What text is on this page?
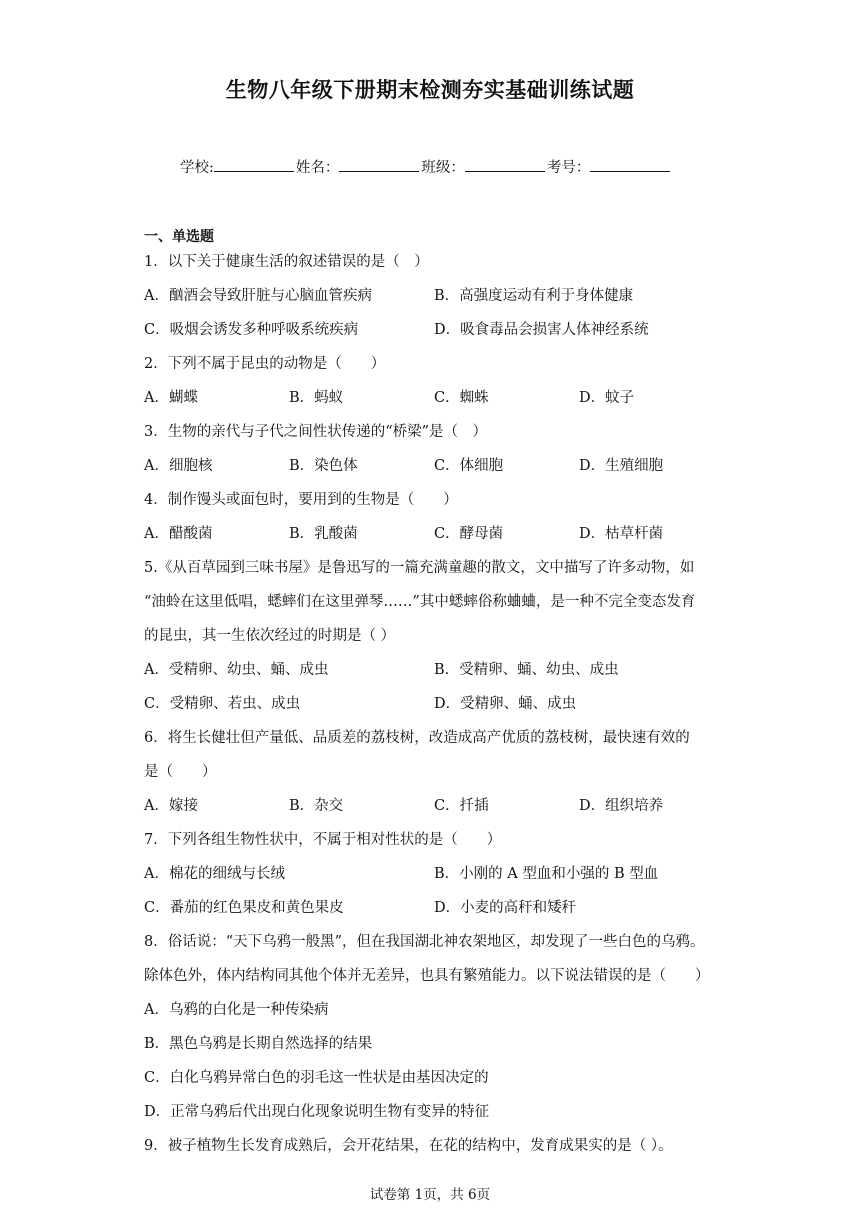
生物八年级下册期末检测夯实基础训练试题
学校:	姓名：	班级：	考号：
一、单选题
1．以下关于健康生活的叙述错误的是（　）
A．酗酒会导致肝脏与心脑血管疾病	B．高强度运动有利于身体健康
C．吸烟会诱发多种呼吸系统疾病	D．吸食毒品会损害人体神经系统
2．下列不属于昆虫的动物是（　　）
A．蝴蝶	B．蚂蚁	C．蜘蛛	D．蚊子
3．生物的亲代与子代之间性状传递的“桥梁”是（　）
A．细胞核	B．染色体	C．体细胞	D．生殖细胞
4．制作馒头或面包时，要用到的生物是（　　）
A．醋酸菌	B．乳酸菌	C．酵母菌	D．枯草杆菌
5.《从百草园到三味书屋》是鲁迅写的一篇充满童趣的散文，文中描写了许多动物，如
“油蛉在这里低唱，蟋蟀们在这里弹琴……”其中蟋蟀俗称蛐蛐，是一种不完全变态发育
的昆虫，其一生依次经过的时期是（ ）
A．受精卵、幼虫、蛹、成虫	B．受精卵、蛹、幼虫、成虫
C．受精卵、若虫、成虫	D．受精卵、蛹、成虫
6．将生长健壮但产量低、品质差的荔枝树，改造成高产优质的荔枝树，最快速有效的
是（　　）
A．嫁接	B．杂交	C．扦插	D．组织培养
7．下列各组生物性状中，不属于相对性状的是（　　）
A．棉花的细绒与长绒	B．小刚的 A 型血和小强的 B 型血
C．番茄的红色果皮和黄色果皮	D．小麦的高秆和矮秆
8．俗话说：“天下乌鸦一般黑”，但在我国湖北神农架地区，却发现了一些白色的乌鸦。
除体色外，体内结构同其他个体并无差异，也具有繁殖能力。以下说法错误的是（　　）
A．乌鸦的白化是一种传染病
B．黑色乌鸦是长期自然选择的结果
C．白化乌鸦异常白色的羽毛这一性状是由基因决定的
D．正常乌鸦后代出现白化现象说明生物有变异的特征
9．被子植物生长发育成熟后，会开花结果，在花的结构中，发育成果实的是（ ）。
试卷第 1页，共 6页
